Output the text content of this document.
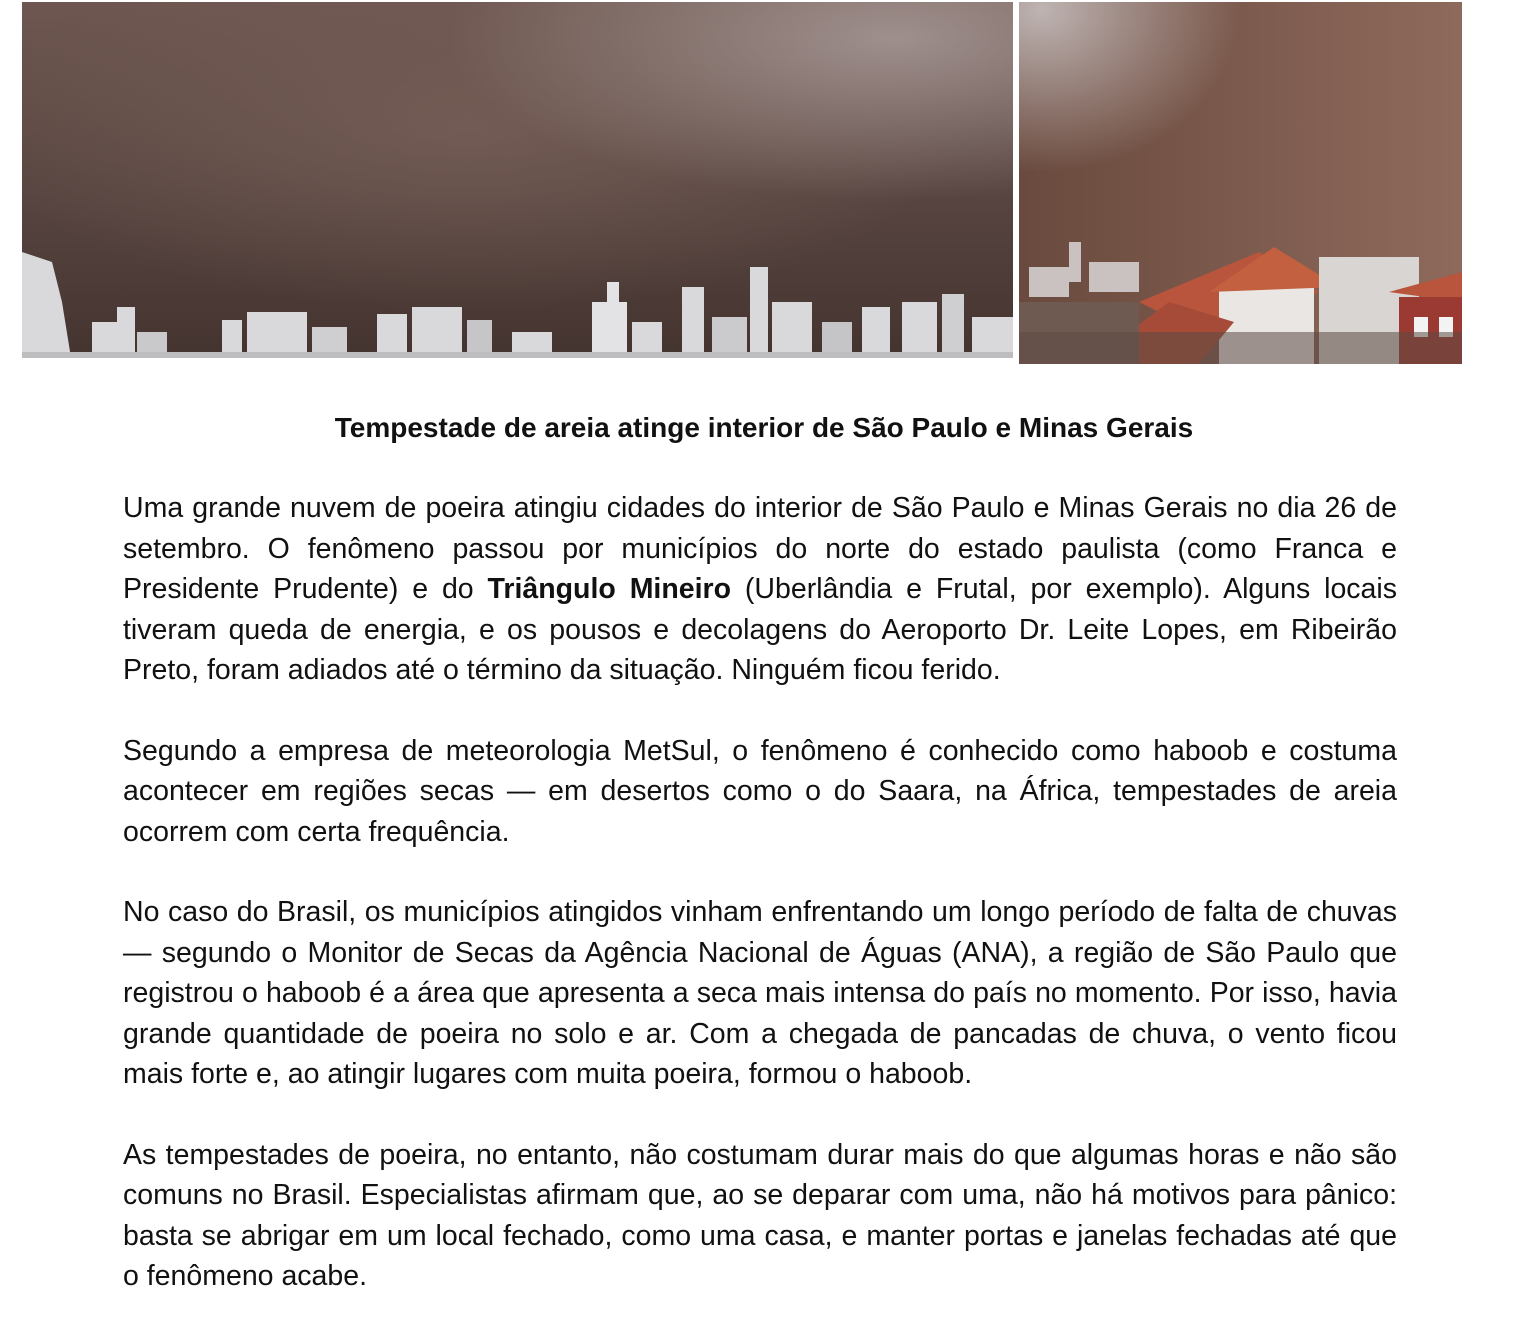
Tempestade de areia atinge interior de São Paulo e Minas Gerais

Uma grande nuvem de poeira atingiu cidades do interior de São Paulo e Minas Gerais no dia 26 de setembro. O fenômeno passou por municípios do norte do estado paulista (como Franca e Presidente Prudente) e do Triângulo Mineiro (Uberlândia e Frutal, por exemplo). Alguns locais tiveram queda de energia, e os pousos e decolagens do Aeroporto Dr. Leite Lopes, em Ribeirão Preto, foram adiados até o término da situação. Ninguém ficou ferido.

Segundo a empresa de meteorologia MetSul, o fenômeno é conhecido como haboob e costuma acontecer em regiões secas — em desertos como o do Saara, na África, tempestades de areia ocorrem com certa frequência.

No caso do Brasil, os municípios atingidos vinham enfrentando um longo período de falta de chuvas — segundo o Monitor de Secas da Agência Nacional de Águas (ANA), a região de São Paulo que registrou o haboob é a área que apresenta a seca mais intensa do país no momento. Por isso, havia grande quantidade de poeira no solo e ar. Com a chegada de pancadas de chuva, o vento ficou mais forte e, ao atingir lugares com muita poeira, formou o haboob.

As tempestades de poeira, no entanto, não costumam durar mais do que algumas horas e não são comuns no Brasil. Especialistas afirmam que, ao se deparar com uma, não há motivos para pânico: basta se abrigar em um local fechado, como uma casa, e manter portas e janelas fechadas até que o fenômeno acabe.
